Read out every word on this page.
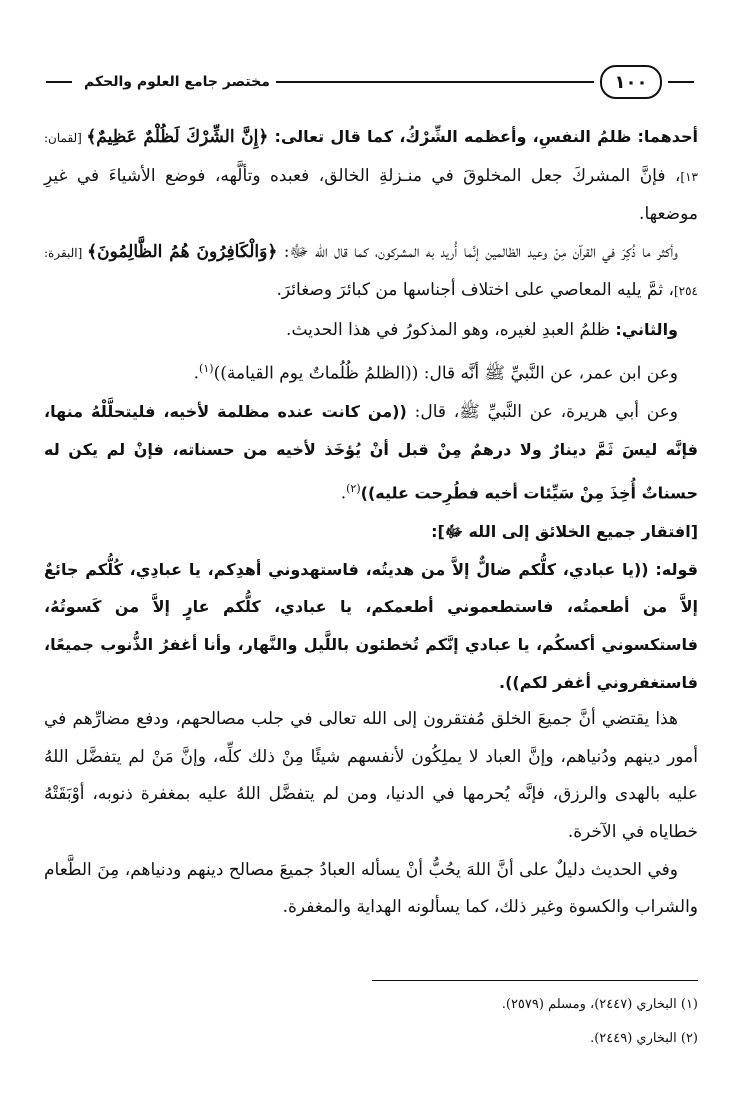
١٠٠
مختصر جامع العلوم والحكم

أحدهما: ظلمُ النفسِ، وأعظمه الشِّرْكُ، كما قال تعالى: ﴿إِنَّ الشِّرْكَ لَظُلْمٌ عَظِيمٌ﴾ [لقمان: ١٣]، فإنَّ المشركَ جعل المخلوقَ في منـزلةِ الخالق، فعبده وتألَّهه، فوضع الأشياءَ في غيرِ موضعها.

وأكثر ما ذُكِرَ في القرآن مِنْ وعيد الظالمين إنَّما أُريد به المشركون، كما قال الله ﷻ: ﴿وَالْكَافِرُونَ هُمُ الظَّالِمُونَ﴾ [البقرة: ٢٥٤]، ثمَّ يليه المعاصي على اختلاف أجناسها من كبائرَ وصغائرَ.

والثاني: ظلمُ العبدِ لغيره، وهو المذكورُ في هذا الحديث.

وعن ابن عمر، عن النَّبيِّ ﷺ أنَّه قال: ((الظلمُ ظُلُماتٌ يوم القيامة))$^{(١)}$.

وعن أبي هريرة، عن النَّبيِّ ﷺ، قال: ((من كانت عنده مظلمة لأخيه، فليتحلَّلْهُ منها، فإنَّه ليسَ ثَمَّ دينارٌ ولا درهمٌ مِنْ قبل أنْ يُؤخَذ لأخيه من حسناته، فإنْ لم يكن له حسناتٌ أُخِذَ مِنْ سَيِّئات أخيه فطُرِحت عليه))$^{(٢)}$.

[افتقار جميع الخلائق إلى الله ﷻ]:

قوله: ((يا عبادي، كلُّكم ضالٌّ إلاَّ من هديتُه، فاستهدوني أهدِكم، يا عبادِي، كُلُّكم جائعٌ إلاَّ من أطعمتُه، فاستطعموني أطعمكم، يا عبادي، كلُّكم عارٍ إلاَّ من كَسوتُهُ، فاستكسوني أكسكُم، يا عبادي إنَّكم تُخطئون باللَّيل والنَّهار، وأنا أغفرُ الذُّنوب جميعًا، فاستغفروني أغفر لكم)).

هذا يقتضي أنَّ جميعَ الخلق مُفتقرون إلى الله تعالى في جلب مصالحهم، ودفع مضارِّهم في أمور دينهم ودُنياهم، وإنَّ العباد لا يملِكُون لأنفسهم شيئًا مِنْ ذلك كلِّه، وإنَّ مَنْ لم يتفضَّل اللهُ عليه بالهدى والرزق، فإنَّه يُحرمها في الدنيا، ومن لم يتفضَّل اللهُ عليه بمغفرة ذنوبه، أوْبَقَتْهُ خطاياه في الآخرة.

وفي الحديث دليلٌ على أنَّ اللهَ يحُبُّ أنْ يسأله العبادُ جميعَ مصالح دينهم ودنياهم، مِنَ الطَّعام والشراب والكسوة وغير ذلك، كما يسألونه الهداية والمغفرة.

(١) البخاري (٢٤٤٧)، ومسلم (٢٥٧٩).

(٢) البخاري (٢٤٤٩).
